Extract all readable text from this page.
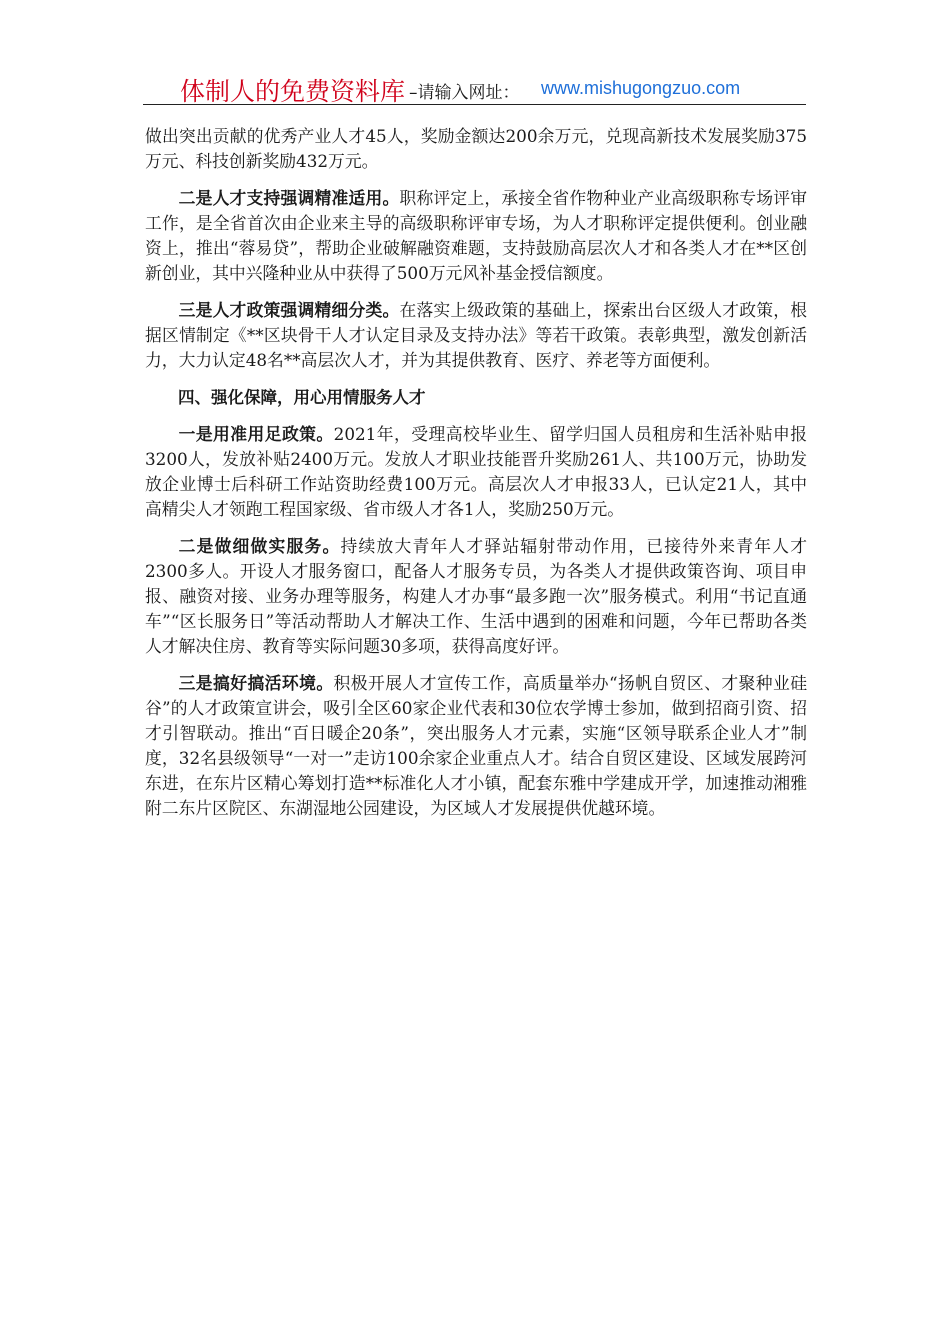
体制人的免费资料库 –请输入网址： www.mishugongzuo.com

做出突出贡献的优秀产业人才45人，奖励金额达200余万元，兑现高新技术发展奖励375万元、科技创新奖励432万元。

二是人才支持强调精准适用。职称评定上，承接全省作物种业产业高级职称专场评审工作，是全省首次由企业来主导的高级职称评审专场，为人才职称评定提供便利。创业融资上，推出“蓉易贷”，帮助企业破解融资难题，支持鼓励高层次人才和各类人才在**区创新创业，其中兴隆种业从中获得了500万元风补基金授信额度。

三是人才政策强调精细分类。在落实上级政策的基础上，探索出台区级人才政策，根据区情制定《**区块骨干人才认定目录及支持办法》等若干政策。表彰典型，激发创新活力，大力认定48名**高层次人才，并为其提供教育、医疗、养老等方面便利。

四、强化保障，用心用情服务人才

一是用准用足政策。2021年，受理高校毕业生、留学归国人员租房和生活补贴申报3200人，发放补贴2400万元。发放人才职业技能晋升奖励261人、共100万元，协助发放企业博士后科研工作站资助经费100万元。高层次人才申报33人，已认定21人，其中高精尖人才领跑工程国家级、省市级人才各1人，奖励250万元。

二是做细做实服务。持续放大青年人才驿站辐射带动作用，已接待外来青年人才2300多人。开设人才服务窗口，配备人才服务专员，为各类人才提供政策咨询、项目申报、融资对接、业务办理等服务，构建人才办事“最多跑一次”服务模式。利用“书记直通车”“区长服务日”等活动帮助人才解决工作、生活中遇到的困难和问题，今年已帮助各类人才解决住房、教育等实际问题30多项，获得高度好评。

三是搞好搞活环境。积极开展人才宣传工作，高质量举办“扬帆自贸区、才聚种业硅谷”的人才政策宣讲会，吸引全区60家企业代表和30位农学博士参加，做到招商引资、招才引智联动。推出“百日暖企20条”，突出服务人才元素，实施“区领导联系企业人才”制度，32名县级领导“一对一”走访100余家企业重点人才。结合自贸区建设、区域发展跨河东进，在东片区精心筹划打造**标准化人才小镇，配套东雅中学建成开学，加速推动湘雅附二东片区院区、东湖湿地公园建设，为区域人才发展提供优越环境。
